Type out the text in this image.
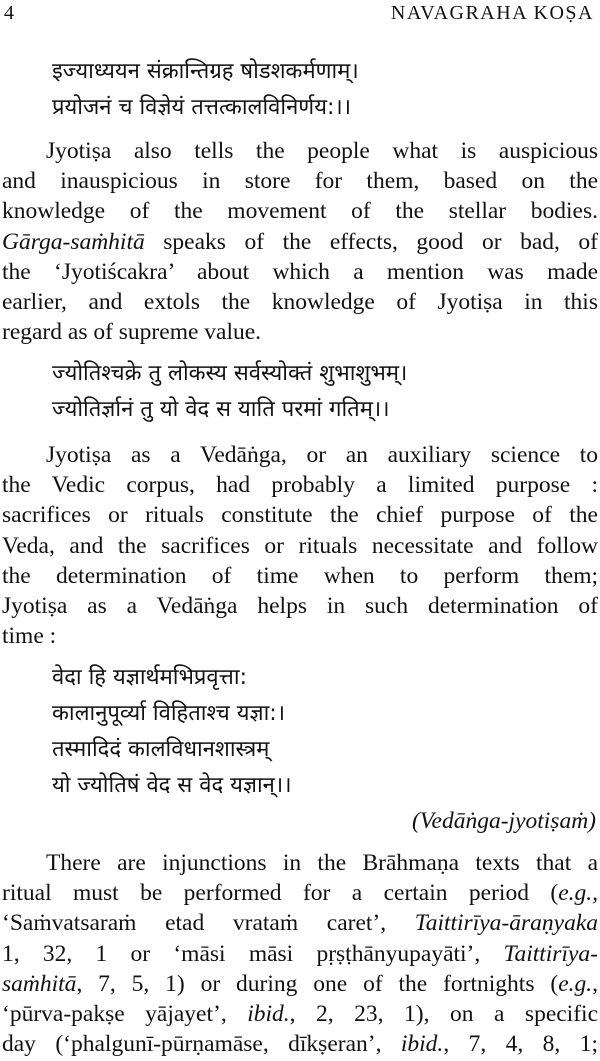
4	NAVAGRAHA KOṢA
इज्याध्ययन संक्रान्तिग्रह षोडशकर्मणाम्।
प्रयोजनं च विज्ञेयं तत्तत्कालविनिर्णय:।।
Jyotiṣa also tells the people what is auspicious
and inauspicious in store for them, based on the
knowledge of the movement of the stellar bodies.
Gārga-saṁhitā speaks of the effects, good or bad, of
the ‘Jyotiścakra’ about which a mention was made
earlier, and extols the knowledge of Jyotiṣa in this
regard as of supreme value.
ज्योतिश्चक्रे तु लोकस्य सर्वस्योक्तं शुभाशुभम्।
ज्योतिर्ज्ञानं तु यो वेद स याति परमां गतिम्।।
Jyotiṣa as a Vedāṅga, or an auxiliary science to
the Vedic corpus, had probably a limited purpose :
sacrifices or rituals constitute the chief purpose of the
Veda, and the sacrifices or rituals necessitate and follow
the determination of time when to perform them;
Jyotiṣa as a Vedāṅga helps in such determination of
time :
वेदा हि यज्ञार्थमभिप्रवृत्ता:
कालानुपूर्व्या विहिताश्च यज्ञा:।
तस्मादिदं कालविधानशास्त्रम्
यो ज्योतिषं वेद स वेद यज्ञान्।।
(Vedāṅga-jyotiṣaṁ)
There are injunctions in the Brāhmaṇa texts that a
ritual must be performed for a certain period (e.g.,
‘Saṁvatsaraṁ etad vrataṁ caret’, Taittirīya-āraṇyaka
1, 32, 1 or ‘māsi māsi pṛṣṭhānyupayāti’, Taittirīya-
saṁhitā, 7, 5, 1) or during one of the fortnights (e.g.,
‘pūrva-pakṣe yājayet’, ibid., 2, 23, 1), on a specific
day (‘phalgunī-pūrṇamāse, dīkṣeran’, ibid., 7, 4, 8, 1;
